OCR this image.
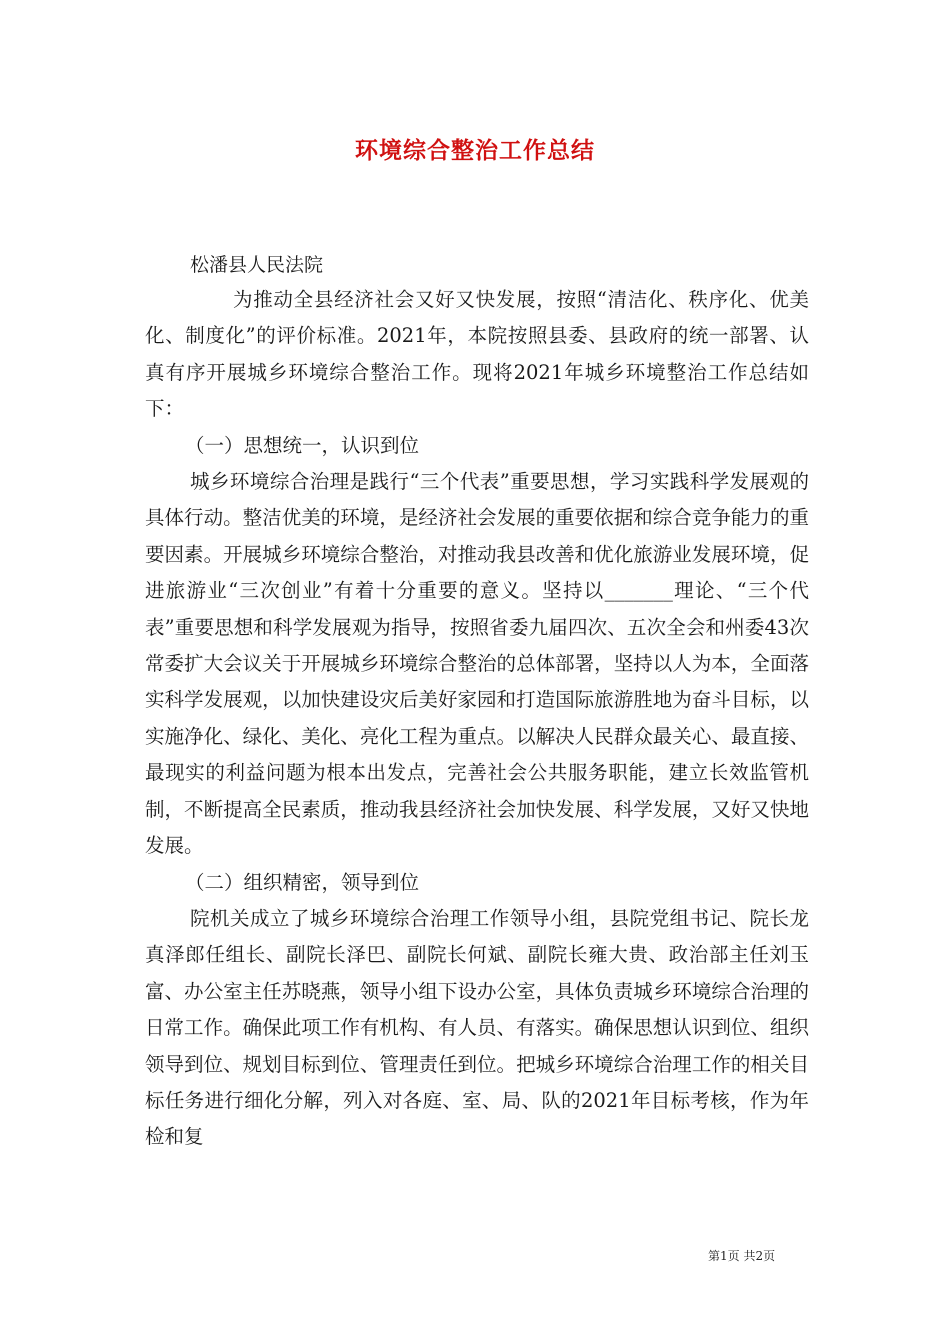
环境综合整治工作总结
松潘县人民法院

为推动全县经济社会又好又快发展，按照“清洁化、秩序化、优美化、制度化”的评价标准。2021年，本院按照县委、县政府的统一部署、认真有序开展城乡环境综合整治工作。现将2021年城乡环境整治工作总结如下：

（一）思想统一，认识到位

城乡环境综合治理是践行“三个代表”重要思想，学习实践科学发展观的具体行动。整洁优美的环境，是经济社会发展的重要依据和综合竞争能力的重要因素。开展城乡环境综合整治，对推动我县改善和优化旅游业发展环境，促进旅游业“三次创业”有着十分重要的意义。坚持以_______理论、“三个代表”重要思想和科学发展观为指导，按照省委九届四次、五次全会和州委43次常委扩大会议关于开展城乡环境综合整治的总体部署，坚持以人为本，全面落实科学发展观，以加快建设灾后美好家园和打造国际旅游胜地为奋斗目标，以实施净化、绿化、美化、亮化工程为重点。以解决人民群众最关心、最直接、最现实的利益问题为根本出发点，完善社会公共服务职能，建立长效监管机制，不断提高全民素质，推动我县经济社会加快发展、科学发展，又好又快地发展。

（二）组织精密，领导到位

院机关成立了城乡环境综合治理工作领导小组，县院党组书记、院长龙真泽郎任组长、副院长泽巴、副院长何斌、副院长雍大贵、政治部主任刘玉富、办公室主任苏晓燕，领导小组下设办公室，具体负责城乡环境综合治理的日常工作。确保此项工作有机构、有人员、有落实。确保思想认识到位、组织领导到位、规划目标到位、管理责任到位。把城乡环境综合治理工作的相关目标任务进行细化分解，列入对各庭、室、局、队的2021年目标考核，作为年检和复

第1页 共2页
